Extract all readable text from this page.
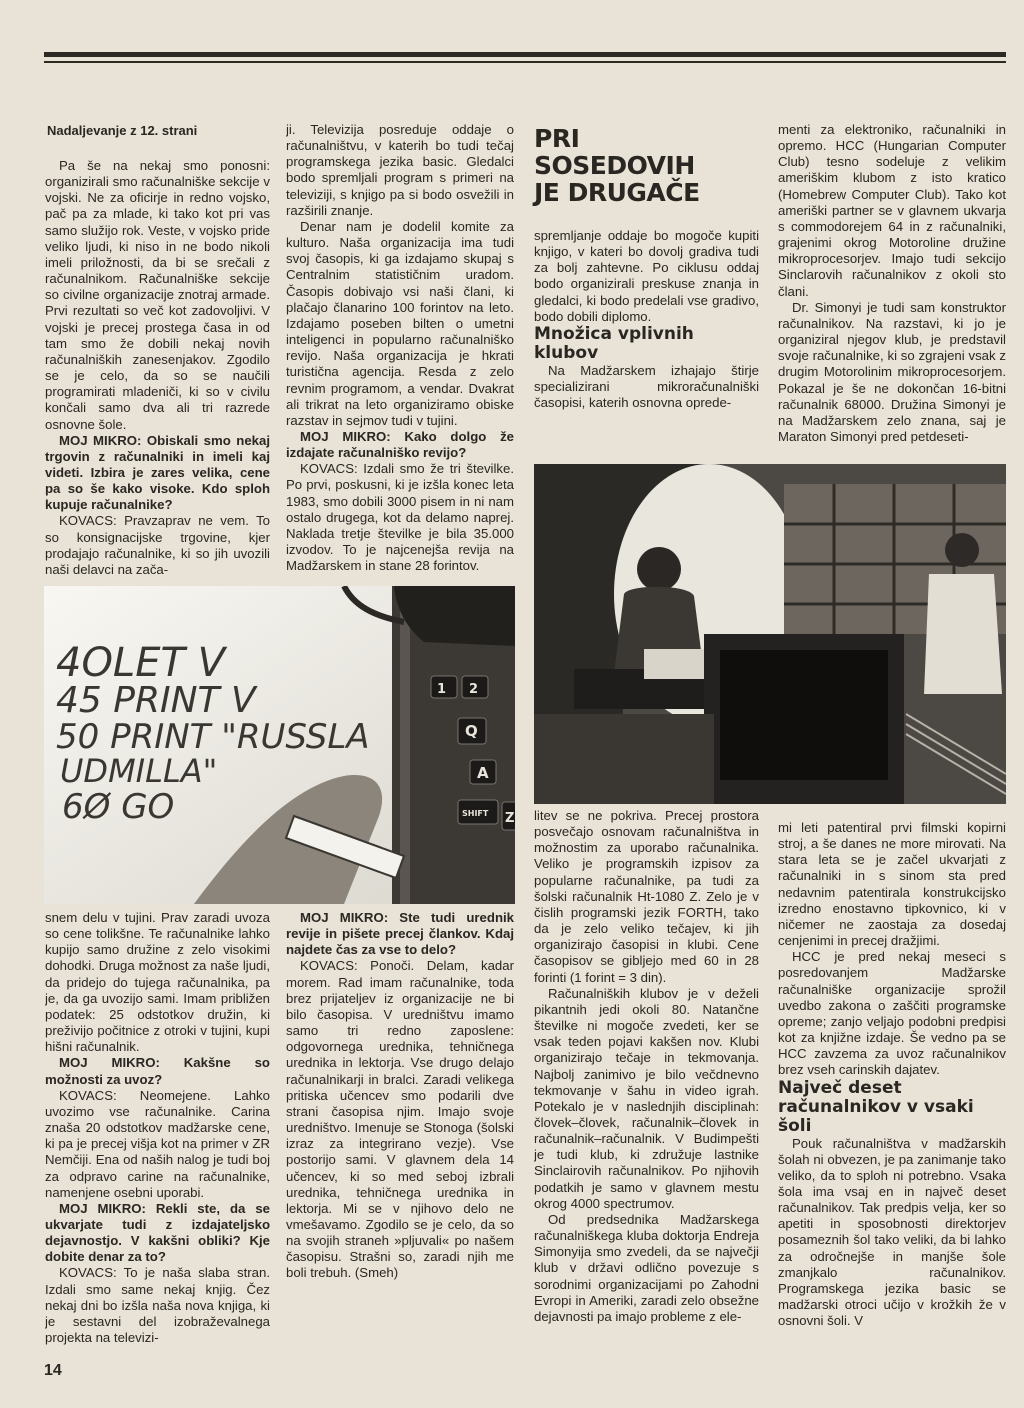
Nadaljevanje z 12. strani

Pa še na nekaj smo ponosni: organizirali smo računalniške sekcije v vojski. Ne za oficirje in redno vojsko, pač pa za mlade, ki tako kot pri vas samo služijo rok. Veste, v vojsko pride veliko ljudi, ki niso in ne bodo nikoli imeli priložnosti, da bi se srečali z računalnikom. Računalniške sekcije so civilne organizacije znotraj armade. Prvi rezultati so več kot zadovoljivi. V vojski je precej prostega časa in od tam smo že dobili nekaj novih računalniških zanesenjakov. Zgodilo se je celo, da so se naučili programirati mladeniči, ki so v civilu končali samo dva ali tri razrede osnovne šole.

MOJ MIKRO: Obiskali smo nekaj trgovin z računalniki in imeli kaj videti. Izbira je zares velika, cene pa so še kako visoke. Kdo sploh kupuje računalnike?

KOVACS: Pravzaprav ne vem. To so konsignacijske trgovine, kjer prodajajo računalnike, ki so jih uvozili naši delavci na zača-

ji. Televizija posreduje oddaje o računalništvu, v katerih bo tudi tečaj programskega jezika basic. Gledalci bodo spremljali program s primeri na televiziji, s knjigo pa si bodo osvežili in razširili znanje.

Denar nam je dodelil komite za kulturo. Naša organizacija ima tudi svoj časopis, ki ga izdajamo skupaj s Centralnim statističnim uradom. Časopis dobivajo vsi naši člani, ki plačajo članarino 100 forintov na leto. Izdajamo poseben bilten o umetni inteligenci in popularno računalniško revijo. Naša organizacija je hkrati turistična agencija. Resda z zelo revnim programom, a vendar. Dvakrat ali trikrat na leto organiziramo obiske razstav in sejmov tudi v tujini.

MOJ MIKRO: Kako dolgo že izdajate računalniško revijo?

KOVACS: Izdali smo že tri številke. Po prvi, poskusni, ki je izšla konec leta 1983, smo dobili 3000 pisem in ni nam ostalo drugega, kot da delamo naprej. Naklada tretje številke je bila 35.000 izvodov. To je najcenejša revija na Madžarskem in stane 28 forintov.

PRI
SOSEDOVIH
JE DRUGAČE

spremljanje oddaje bo mogoče kupiti knjigo, v kateri bo dovolj gradiva tudi za bolj zahtevne. Po ciklusu oddaj bodo organizirali preskuse znanja in gledalci, ki bodo predelali vse gradivo, bodo dobili diplomo.

Množica vplivnih klubov

Na Madžarskem izhajajo štirje specializirani mikroračunalniški časopisi, katerih osnovna oprede-

menti za elektroniko, računalniki in opremo. HCC (Hungarian Computer Club) tesno sodeluje z velikim ameriškim klubom z isto kratico (Homebrew Computer Club). Tako kot ameriški partner se v glavnem ukvarja s commodorejem 64 in z računalniki, grajenimi okrog Motoroline družine mikroprocesorjev. Imajo tudi sekcijo Sinclarovih računalnikov z okoli sto člani.

Dr. Simonyi je tudi sam konstruktor računalnikov. Na razstavi, ki jo je organiziral njegov klub, je predstavil svoje računalnike, ki so zgrajeni vsak z drugim Motorolinim mikroprocesorjem. Pokazal je še ne dokončan 16-bitni računalnik 68000. Družina Simonyi je na Madžarskem zelo znana, saj je Maraton Simonyi pred petdeseti-

1 2
Q
A
SHIFT Z
4OLET V
45 PRINT V
50 PRINT "RUSSLA
UDMILLA"
6Ø GO

snem delu v tujini. Prav zaradi uvoza so cene tolikšne. Te računalnike lahko kupijo samo družine z zelo visokimi dohodki. Druga možnost za naše ljudi, da pridejo do tujega računalnika, pa je, da ga uvozijo sami. Imam približen podatek: 25 odstotkov družin, ki preživijo počitnice z otroki v tujini, kupi hišni računalnik.

MOJ MIKRO: Kakšne so možnosti za uvoz?

KOVACS: Neomejene. Lahko uvozimo vse računalnike. Carina znaša 20 odstotkov madžarske cene, ki pa je precej višja kot na primer v ZR Nemčiji. Ena od naših nalog je tudi boj za odpravo carine na računalnike, namenjene osebni uporabi.

MOJ MIKRO: Rekli ste, da se ukvarjate tudi z izdajateljsko dejavnostjo. V kakšni obliki? Kje dobite denar za to?

KOVACS: To je naša slaba stran. Izdali smo same nekaj knjig. Čez nekaj dni bo izšla naša nova knjiga, ki je sestavni del izobraževalnega projekta na televizi-

MOJ MIKRO: Ste tudi urednik revije in pišete precej člankov. Kdaj najdete čas za vse to delo?

KOVACS: Ponoči. Delam, kadar morem. Rad imam računalnike, toda brez prijateljev iz organizacije ne bi bilo časopisa. V uredništvu imamo samo tri redno zaposlene: odgovornega urednika, tehničnega urednika in lektorja. Vse drugo delajo računalnikarji in bralci. Zaradi velikega pritiska učencev smo podarili dve strani časopisa njim. Imajo svoje uredništvo. Imenuje se Stonoga (šolski izraz za integrirano vezje). Vse postorijo sami. V glavnem dela 14 učencev, ki so med seboj izbrali urednika, tehničnega urednika in lektorja. Mi se v njihovo delo ne vmešavamo. Zgodilo se je celo, da so na svojih straneh »pljuvali« po našem časopisu. Strašni so, zaradi njih me boli trebuh. (Smeh)

litev se ne pokriva. Precej prostora posvečajo osnovam računalništva in možnostim za uporabo računalnika. Veliko je programskih izpisov za popularne računalnike, pa tudi za šolski računalnik Ht-1080 Z. Zelo je v čislih programski jezik FORTH, tako da je zelo veliko tečajev, ki jih organizirajo časopisi in klubi. Cene časopisov se gibljejo med 60 in 28 forinti (1 forint = 3 din).

Računalniških klubov je v deželi pikantnih jedi okoli 80. Natančne številke ni mogoče zvedeti, ker se vsak teden pojavi kakšen nov. Klubi organizirajo tečaje in tekmovanja. Najbolj zanimivo je bilo večdnevno tekmovanje v šahu in video igrah. Potekalo je v naslednjih disciplinah: človek–človek, računalnik–človek in računalnik–računalnik. V Budimpešti je tudi klub, ki združuje lastnike Sinclairovih računalnikov. Po njihovih podatkih je samo v glavnem mestu okrog 4000 spectrumov.

Od predsednika Madžarskega računalniškega kluba doktorja Endreja Simonyija smo zvedeli, da se največji klub v državi odlično povezuje s sorodnimi organizacijami po Zahodni Evropi in Ameriki, zaradi zelo obsežne dejavnosti pa imajo probleme z ele-

mi leti patentiral prvi filmski kopirni stroj, a še danes ne more mirovati. Na stara leta se je začel ukvarjati z računalniki in s sinom sta pred nedavnim patentirala konstrukcijsko izredno enostavno tipkovnico, ki v ničemer ne zaostaja za dosedaj cenjenimi in precej dražjimi.

HCC je pred nekaj meseci s posredovanjem Madžarske računalniške organizacije sprožil uvedbo zakona o zaščiti programske opreme; zanjo veljajo podobni predpisi kot za knjižne izdaje. Še vedno pa se HCC zavzema za uvoz računalnikov brez vseh carinskih dajatev.

Največ deset računalnikov v vsaki šoli

Pouk računalništva v madžarskih šolah ni obvezen, je pa zanimanje tako veliko, da to sploh ni potrebno. Vsaka šola ima vsaj en in največ deset računalnikov. Tak predpis velja, ker so apetiti in sposobnosti direktorjev posameznih šol tako veliki, da bi lahko za odročnejše in manjše šole zmanjkalo računalnikov. Programskega jezika basic se madžarski otroci učijo v krožkih že v osnovni šoli. V

14
